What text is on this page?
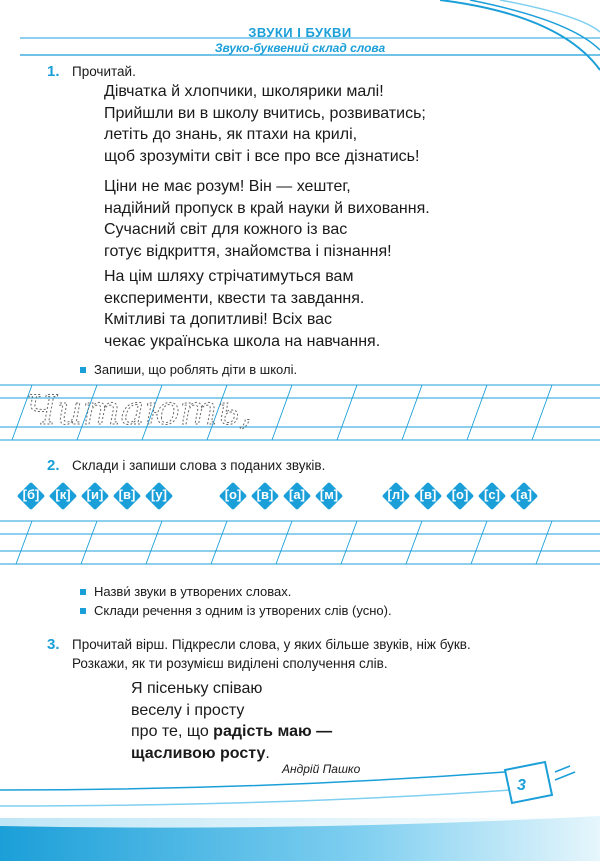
ЗВУКИ І БУКВИ
Звуко-буквений склад слова
1. Прочитай.
Дівчатка й хлопчики, школярики малі!
Прийшли ви в школу вчитись, розвиватись;
летіть до знань, як птахи на крилі,
щоб зрозуміти світ і все про все дізнатись!
Ціни не має розум! Він — хештег,
надійний пропуск в край науки й виховання.
Сучасний світ для кожного із вас
готує відкриття, знайомства і пізнання!
На цім шляху стрічатимуться вам
експерименти, квести та завдання.
Кмітливі та допитливі! Всіх вас
чекає українська школа на навчання.
Запиши, що роблять діти в школі.
Читають,
2. Склади і запиши слова з поданих звуків.
[б] [к] [и] [в] [у]	[о] [в] [а] [м]	[л] [в] [о] [с] [а]
Назви́ звуки в утворених словах.
Склади речення з одним із утворених слів (усно).
3. Прочитай вірш. Підкресли слова, у яких більше звуків, ніж букв.
Розкажи, як ти розумієш виділені сполучення слів.
Я пісеньку співаю
веселу і просту
про те, що радість маю —
щасливою росту.
Андрій Пашко
3
